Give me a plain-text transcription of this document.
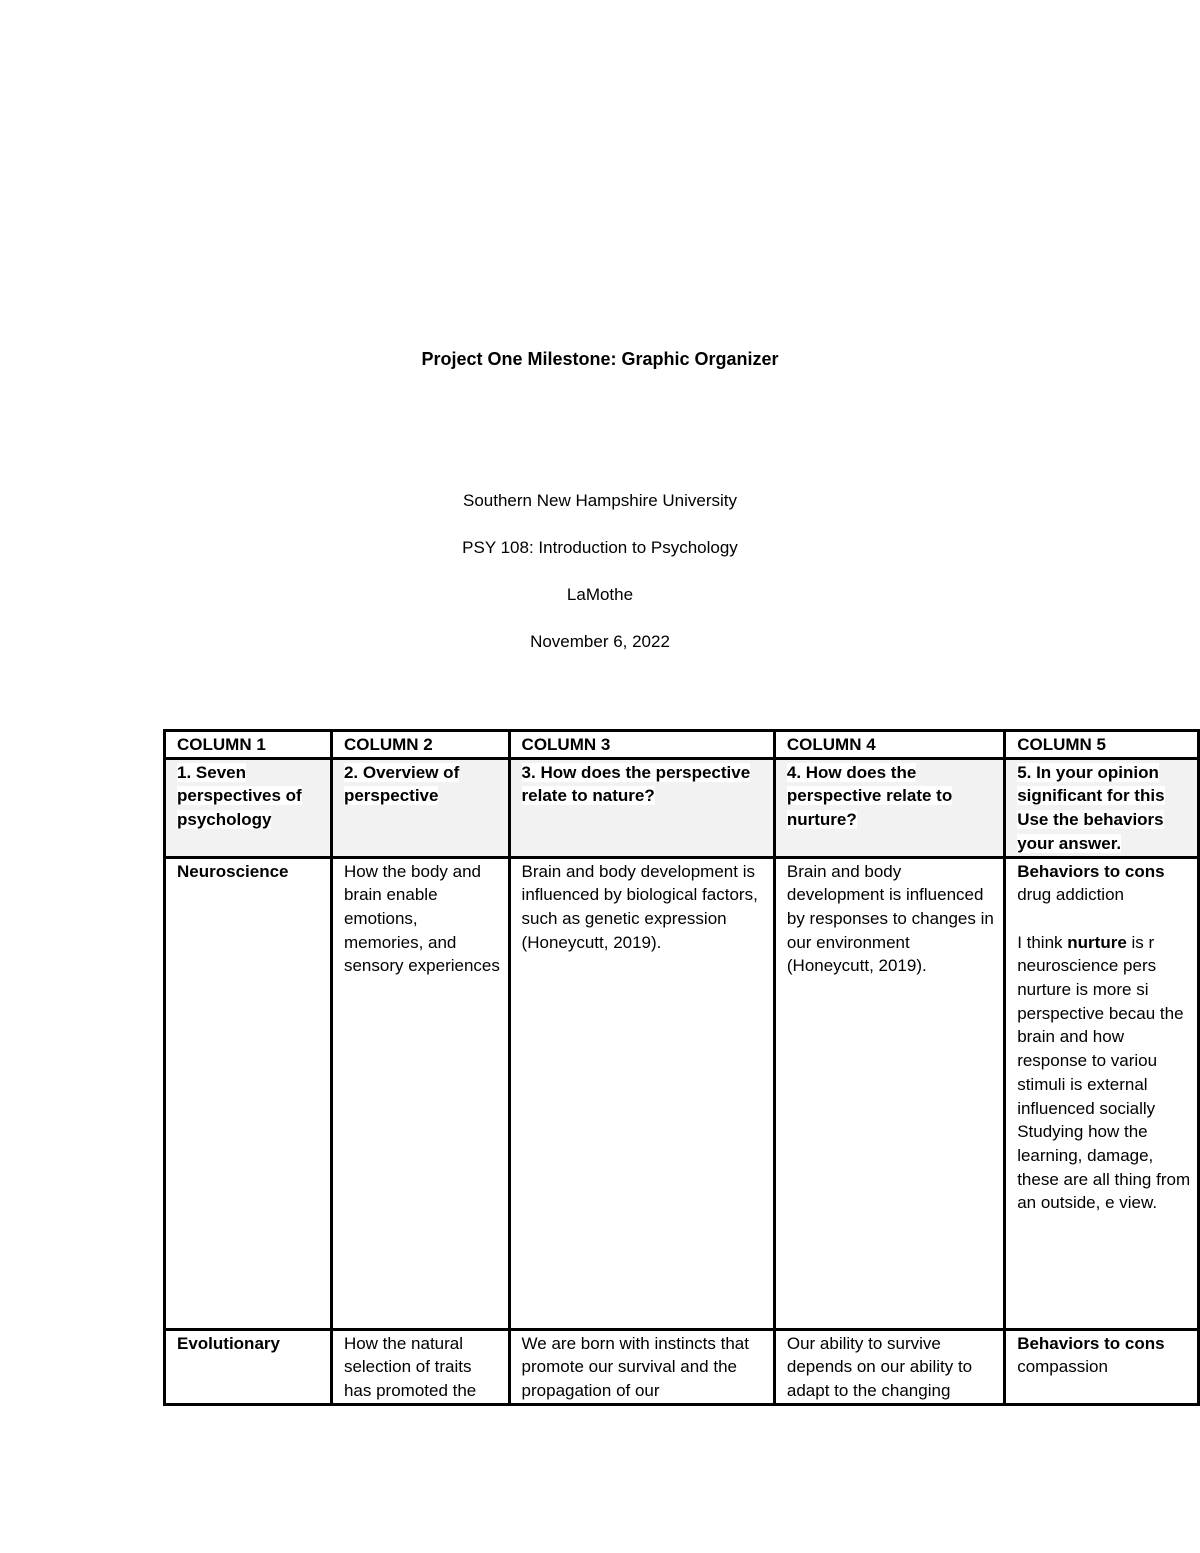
Project One Milestone: Graphic Organizer
Southern New Hampshire University
PSY 108: Introduction to Psychology
LaMothe
November 6, 2022
COLUMN 1	COLUMN 2	COLUMN 3	COLUMN 4	COLUMN 5
1. Seven perspectives of psychology	2. Overview of perspective	3. How does the perspective relate to nature?	4. How does the perspective relate to nurture?	5. In your opinion significant for this Use the behaviors your answer.
Neuroscience	How the body and brain enable emotions, memories, and sensory experiences	Brain and body development is influenced by biological factors, such as genetic expression (Honeycutt, 2019).	Brain and body development is influenced by responses to changes in our environment (Honeycutt, 2019).	Behaviors to cons
drug addiction
I think nurture is r neuroscience pers nurture is more si perspective becau the brain and how response to variou stimuli is external influenced socially Studying how the learning, damage, these are all thing from an outside, e view.

Evolutionary	How the natural selection of traits has promoted the	We are born with instincts that promote our survival and the propagation of our	Our ability to survive depends on our ability to adapt to the changing	Behaviors to cons
compassion
